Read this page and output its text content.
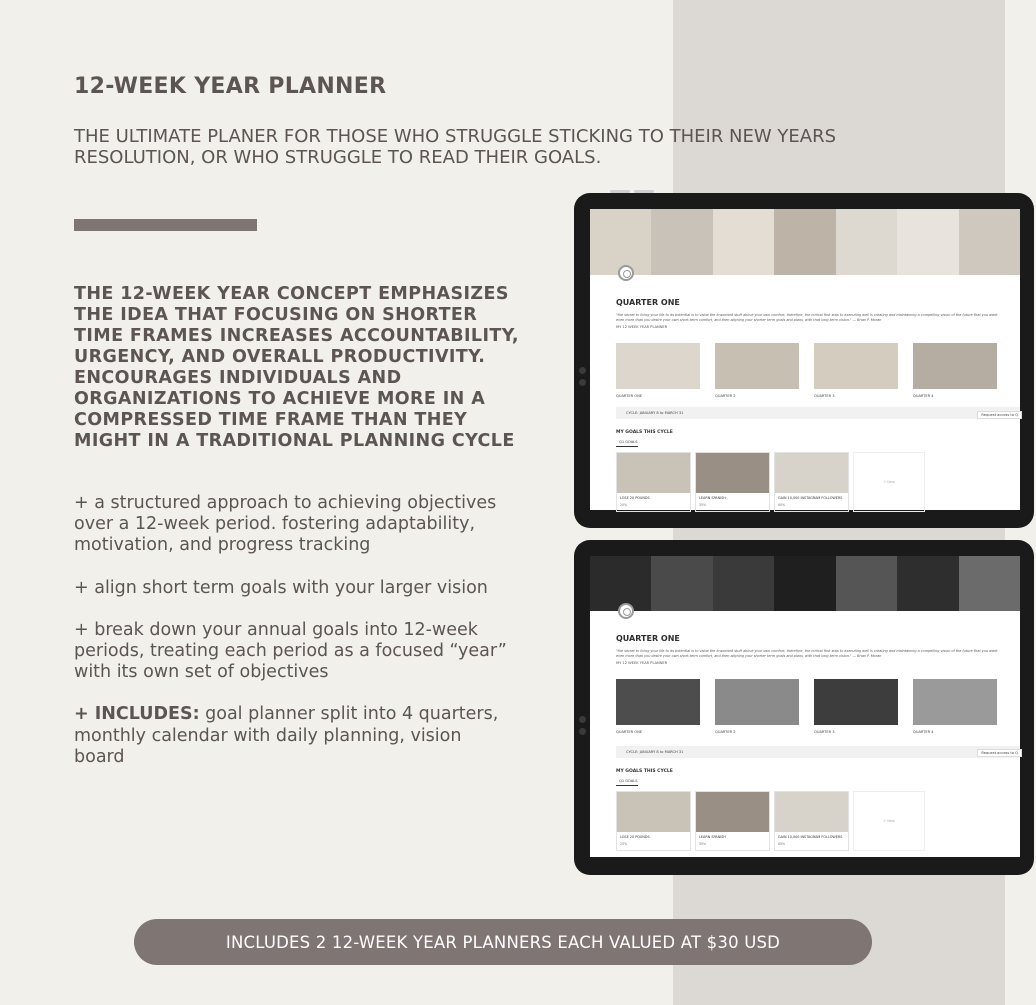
12-WEEK YEAR PLANNER
THE ULTIMATE PLANER FOR THOSE WHO STRUGGLE STICKING TO THEIR NEW YEARS RESOLUTION, OR WHO STRUGGLE TO READ THEIR GOALS.
THE 12-WEEK YEAR CONCEPT EMPHASIZES THE IDEA THAT FOCUSING ON SHORTER TIME FRAMES INCREASES ACCOUNTABILITY, URGENCY, AND OVERALL PRODUCTIVITY. ENCOURAGES INDIVIDUALS AND ORGANIZATIONS TO ACHIEVE MORE IN A COMPRESSED TIME FRAME THAN THEY MIGHT IN A TRADITIONAL PLANNING CYCLE

+ a structured approach to achieving objectives over a 12-week period. fostering adaptability, motivation, and progress tracking

+ align short term goals with your larger vision

+ break down your annual goals into 12-week periods, treating each period as a focused “year” with its own set of objectives

+ INCLUDES: goal planner split into 4 quarters, monthly calendar with daily planning, vision board

QUARTER ONE
"the secret to living your life to its potential is to value the important stuff above your own comfort. therefore, the critical first step to executing well is creating and maintaining a compelling vision of the future that you want even more than you desire your own short-term comfort, and then aligning your shorter term goals and plans, with that long-term vision." — Brian P. Moran
MY 12 WEEK YEAR PLANNER
QUARTER ONE	QUARTER 2	QUARTER 3	QUARTER 4
CYCLE: JANUARY 8 to MARCH 31	Request access to Q
MY GOALS THIS CYCLE
Q1 GOALS
LOSE 20 POUNDS
20%
LEARN SPANISH
35%
GAIN 10,000 INSTAGRAM FOLLOWERS
60%
+ New
QUARTER ONE
"the secret to living your life to its potential is to value the important stuff above your own comfort. therefore, the critical first step to executing well is creating and maintaining a compelling vision of the future that you want even more than you desire your own short-term comfort, and then aligning your shorter term goals and plans, with that long-term vision." — Brian P. Moran
MY 12 WEEK YEAR PLANNER
QUARTER ONE	QUARTER 2	QUARTER 3	QUARTER 4
CYCLE: JANUARY 8 to MARCH 31	Request access to Q
MY GOALS THIS CYCLE
Q1 GOALS
LOSE 20 POUNDS
20%
LEARN SPANISH
35%
GAIN 10,000 INSTAGRAM FOLLOWERS
60%
+ New
INCLUDES 2 12-WEEK YEAR PLANNERS EACH VALUED AT $30 USD
